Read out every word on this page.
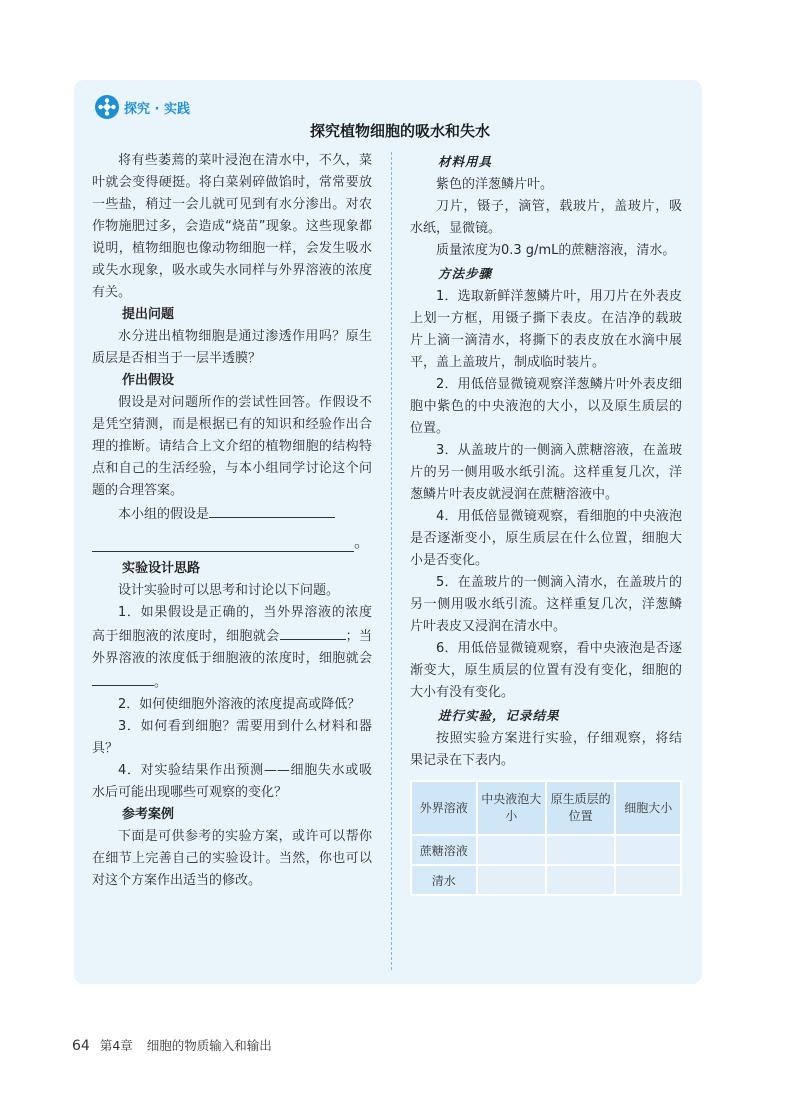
探究 · 实践
探究植物细胞的吸水和失水

将有些萎蔫的菜叶浸泡在清水中，不久，菜叶就会变得硬挺。将白菜剁碎做馅时，常常要放一些盐，稍过一会儿就可见到有水分渗出。对农作物施肥过多，会造成“烧苗”现象。这些现象都说明，植物细胞也像动物细胞一样，会发生吸水或失水现象，吸水或失水同样与外界溶液的浓度有关。

提出问题

水分进出植物细胞是通过渗透作用吗？原生质层是否相当于一层半透膜？

作出假设

假设是对问题所作的尝试性回答。作假设不是凭空猜测，而是根据已有的知识和经验作出合理的推断。请结合上文介绍的植物细胞的结构特点和自己的生活经验，与本小组同学讨论这个问题的合理答案。

本小组的假设是

。
实验设计思路

设计实验时可以思考和讨论以下问题。

1．如果假设是正确的，当外界溶液的浓度高于细胞液的浓度时，细胞就会	；当外界溶液的浓度低于细胞液的浓度时，细胞就会。

2．如何使细胞外溶液的浓度提高或降低？

3．如何看到细胞？需要用到什么材料和器具？

4．对实验结果作出预测——细胞失水或吸水后可能出现哪些可观察的变化？

参考案例

下面是可供参考的实验方案，或许可以帮你在细节上完善自己的实验设计。当然，你也可以对这个方案作出适当的修改。

材料用具

紫色的洋葱鳞片叶。

刀片，镊子，滴管，载玻片，盖玻片，吸水纸，显微镜。

质量浓度为0.3 g/mL的蔗糖溶液，清水。

方法步骤

1．选取新鲜洋葱鳞片叶，用刀片在外表皮上划一方框，用镊子撕下表皮。在洁净的载玻片上滴一滴清水，将撕下的表皮放在水滴中展平，盖上盖玻片，制成临时装片。

2．用低倍显微镜观察洋葱鳞片叶外表皮细胞中紫色的中央液泡的大小，以及原生质层的位置。

3．从盖玻片的一侧滴入蔗糖溶液，在盖玻片的另一侧用吸水纸引流。这样重复几次，洋葱鳞片叶表皮就浸润在蔗糖溶液中。

4．用低倍显微镜观察，看细胞的中央液泡是否逐渐变小，原生质层在什么位置，细胞大小是否变化。

5．在盖玻片的一侧滴入清水，在盖玻片的另一侧用吸水纸引流。这样重复几次，洋葱鳞片叶表皮又浸润在清水中。

6．用低倍显微镜观察，看中央液泡是否逐渐变大，原生质层的位置有没有变化，细胞的大小有没有变化。

进行实验，记录结果

按照实验方案进行实验，仔细观察，将结果记录在下表内。

外界溶液	中央液泡大小	原生质层的位置	细胞大小
蔗糖溶液			
清水			
64 第4章 细胞的物质输入和输出
